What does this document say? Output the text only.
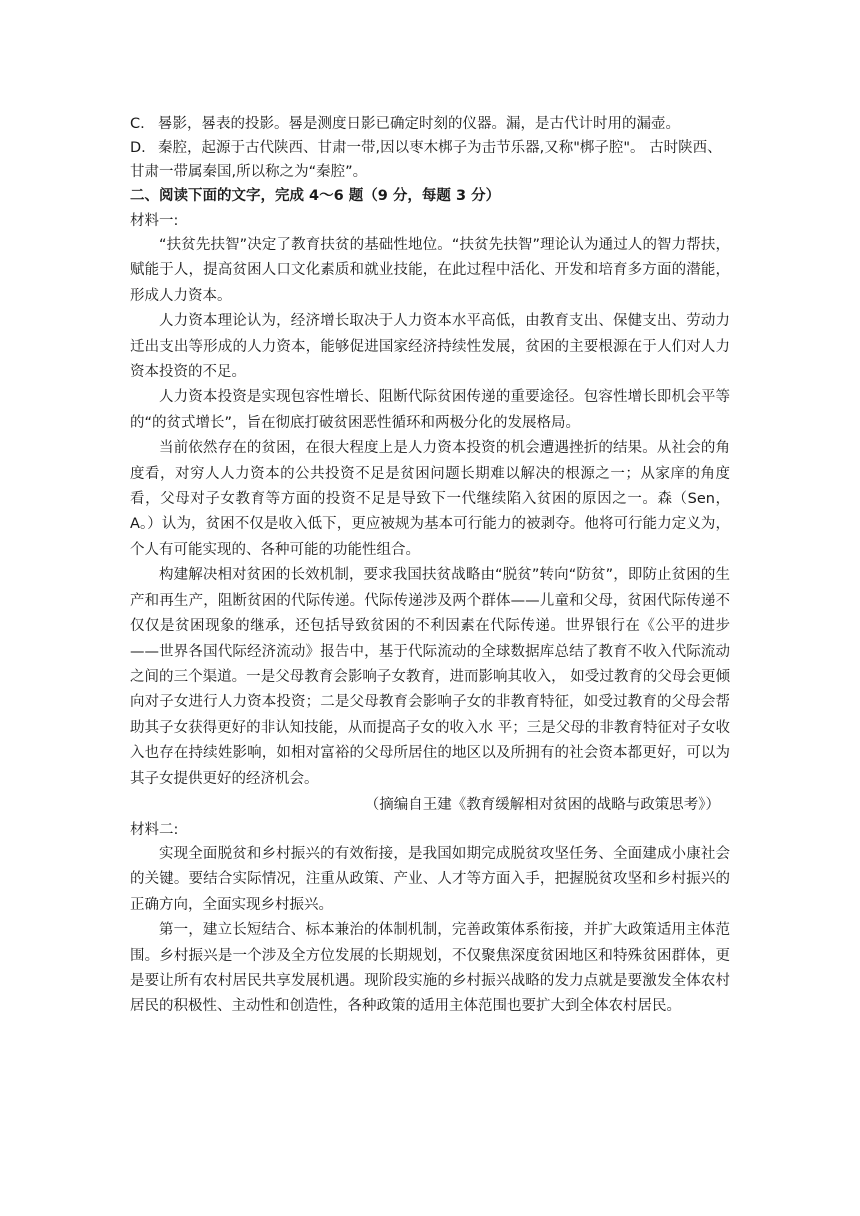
C. 晷影，晷表的投影。晷是测度日影已确定时刻的仪器。漏，是古代计时用的漏壶。

D. 秦腔，起源于古代陕西、甘肃一带,因以枣木梆子为击节乐器,又称"梆子腔"。 古时陕西、甘肃一带属秦国,所以称之为“秦腔”。

二、阅读下面的文字，完成 4～6 题（9 分，每题 3 分）

材料一:

“扶贫先扶智”决定了教育扶贫的基础性地位。“扶贫先扶智”理论认为通过人的智力帮扶，赋能于人，提高贫困人口文化素质和就业技能，在此过程中活化、开发和培育多方面的潜能，形成人力资本。

人力资本理论认为，经济增长取决于人力资本水平高低，由教育支出、保健支出、劳动力迁出支出等形成的人力资本，能够促进国家经济持续性发展，贫困的主要根源在于人们对人力资本投资的不足。

人力资本投资是实现包容性增长、阻断代际贫困传递的重要途径。包容性增长即机会平等的“的贫式增长”，旨在彻底打破贫困恶性循环和两极分化的发展格局。

当前依然存在的贫困，在很大程度上是人力资本投资的机会遭遇挫折的结果。从社会的角度看，对穷人人力资本的公共投资不足是贫困问题长期难以解决的根源之一；从家庠的角度看，父母对子女教育等方面的投资不足是导致下一代继续陷入贫困的原因之一。森（Sen，A。）认为，贫困不仅是收入低下，更应被规为基本可行能力的被剥夺。他将可行能力定义为，个人有可能实现的、各种可能的功能性组合。

构建解决相对贫困的长效机制，要求我国扶贫战略由“脱贫”转向“防贫”，即防止贫困的生产和再生产，阻断贫困的代际传递。代际传递涉及两个群体——儿童和父母，贫困代际传递不仅仅是贫困现象的继承，还包括导致贫困的不利因素在代际传递。世界银行在《公平的进步——世界各国代际经济流动》报告中，基于代际流动的全球数据库总结了教育不收入代际流动之间的三个渠道。一是父母教育会影响子女教育，进而影响其收入， 如受过教育的父母会更倾向对子女进行人力资本投资；二是父母教育会影响子女的非教育特征，如受过教育的父母会帮助其子女获得更好的非认知技能，从而提高子女的收入水 平；三是父母的非教育特征对子女收入也存在持续姓影响，如相对富裕的父母所居住的地区以及所拥有的社会资本都更好，可以为其子女提供更好的经济机会。

（摘编自王建《教育缓解相对贫困的战略与政策思考》）

材料二:

实现全面脱贫和乡村振兴的有效衔接，是我国如期完成脱贫攻坚任务、全面建成小康社会的关键。要结合实际情况，注重从政策、产业、人才等方面入手，把握脱贫攻坚和乡村振兴的正确方向，全面实现乡村振兴。

第一，建立长短结合、标本兼治的体制机制，完善政策体系衔接，并扩大政策适用主体范围。乡村振兴是一个涉及全方位发展的长期规划，不仅聚焦深度贫困地区和特殊贫困群体，更是要让所有农村居民共享发展机遇。现阶段实施的乡村振兴战略的发力点就是要激发全体农村居民的积极性、主动性和创造性，各种政策的适用主体范围也要扩大到全体农村居民。
